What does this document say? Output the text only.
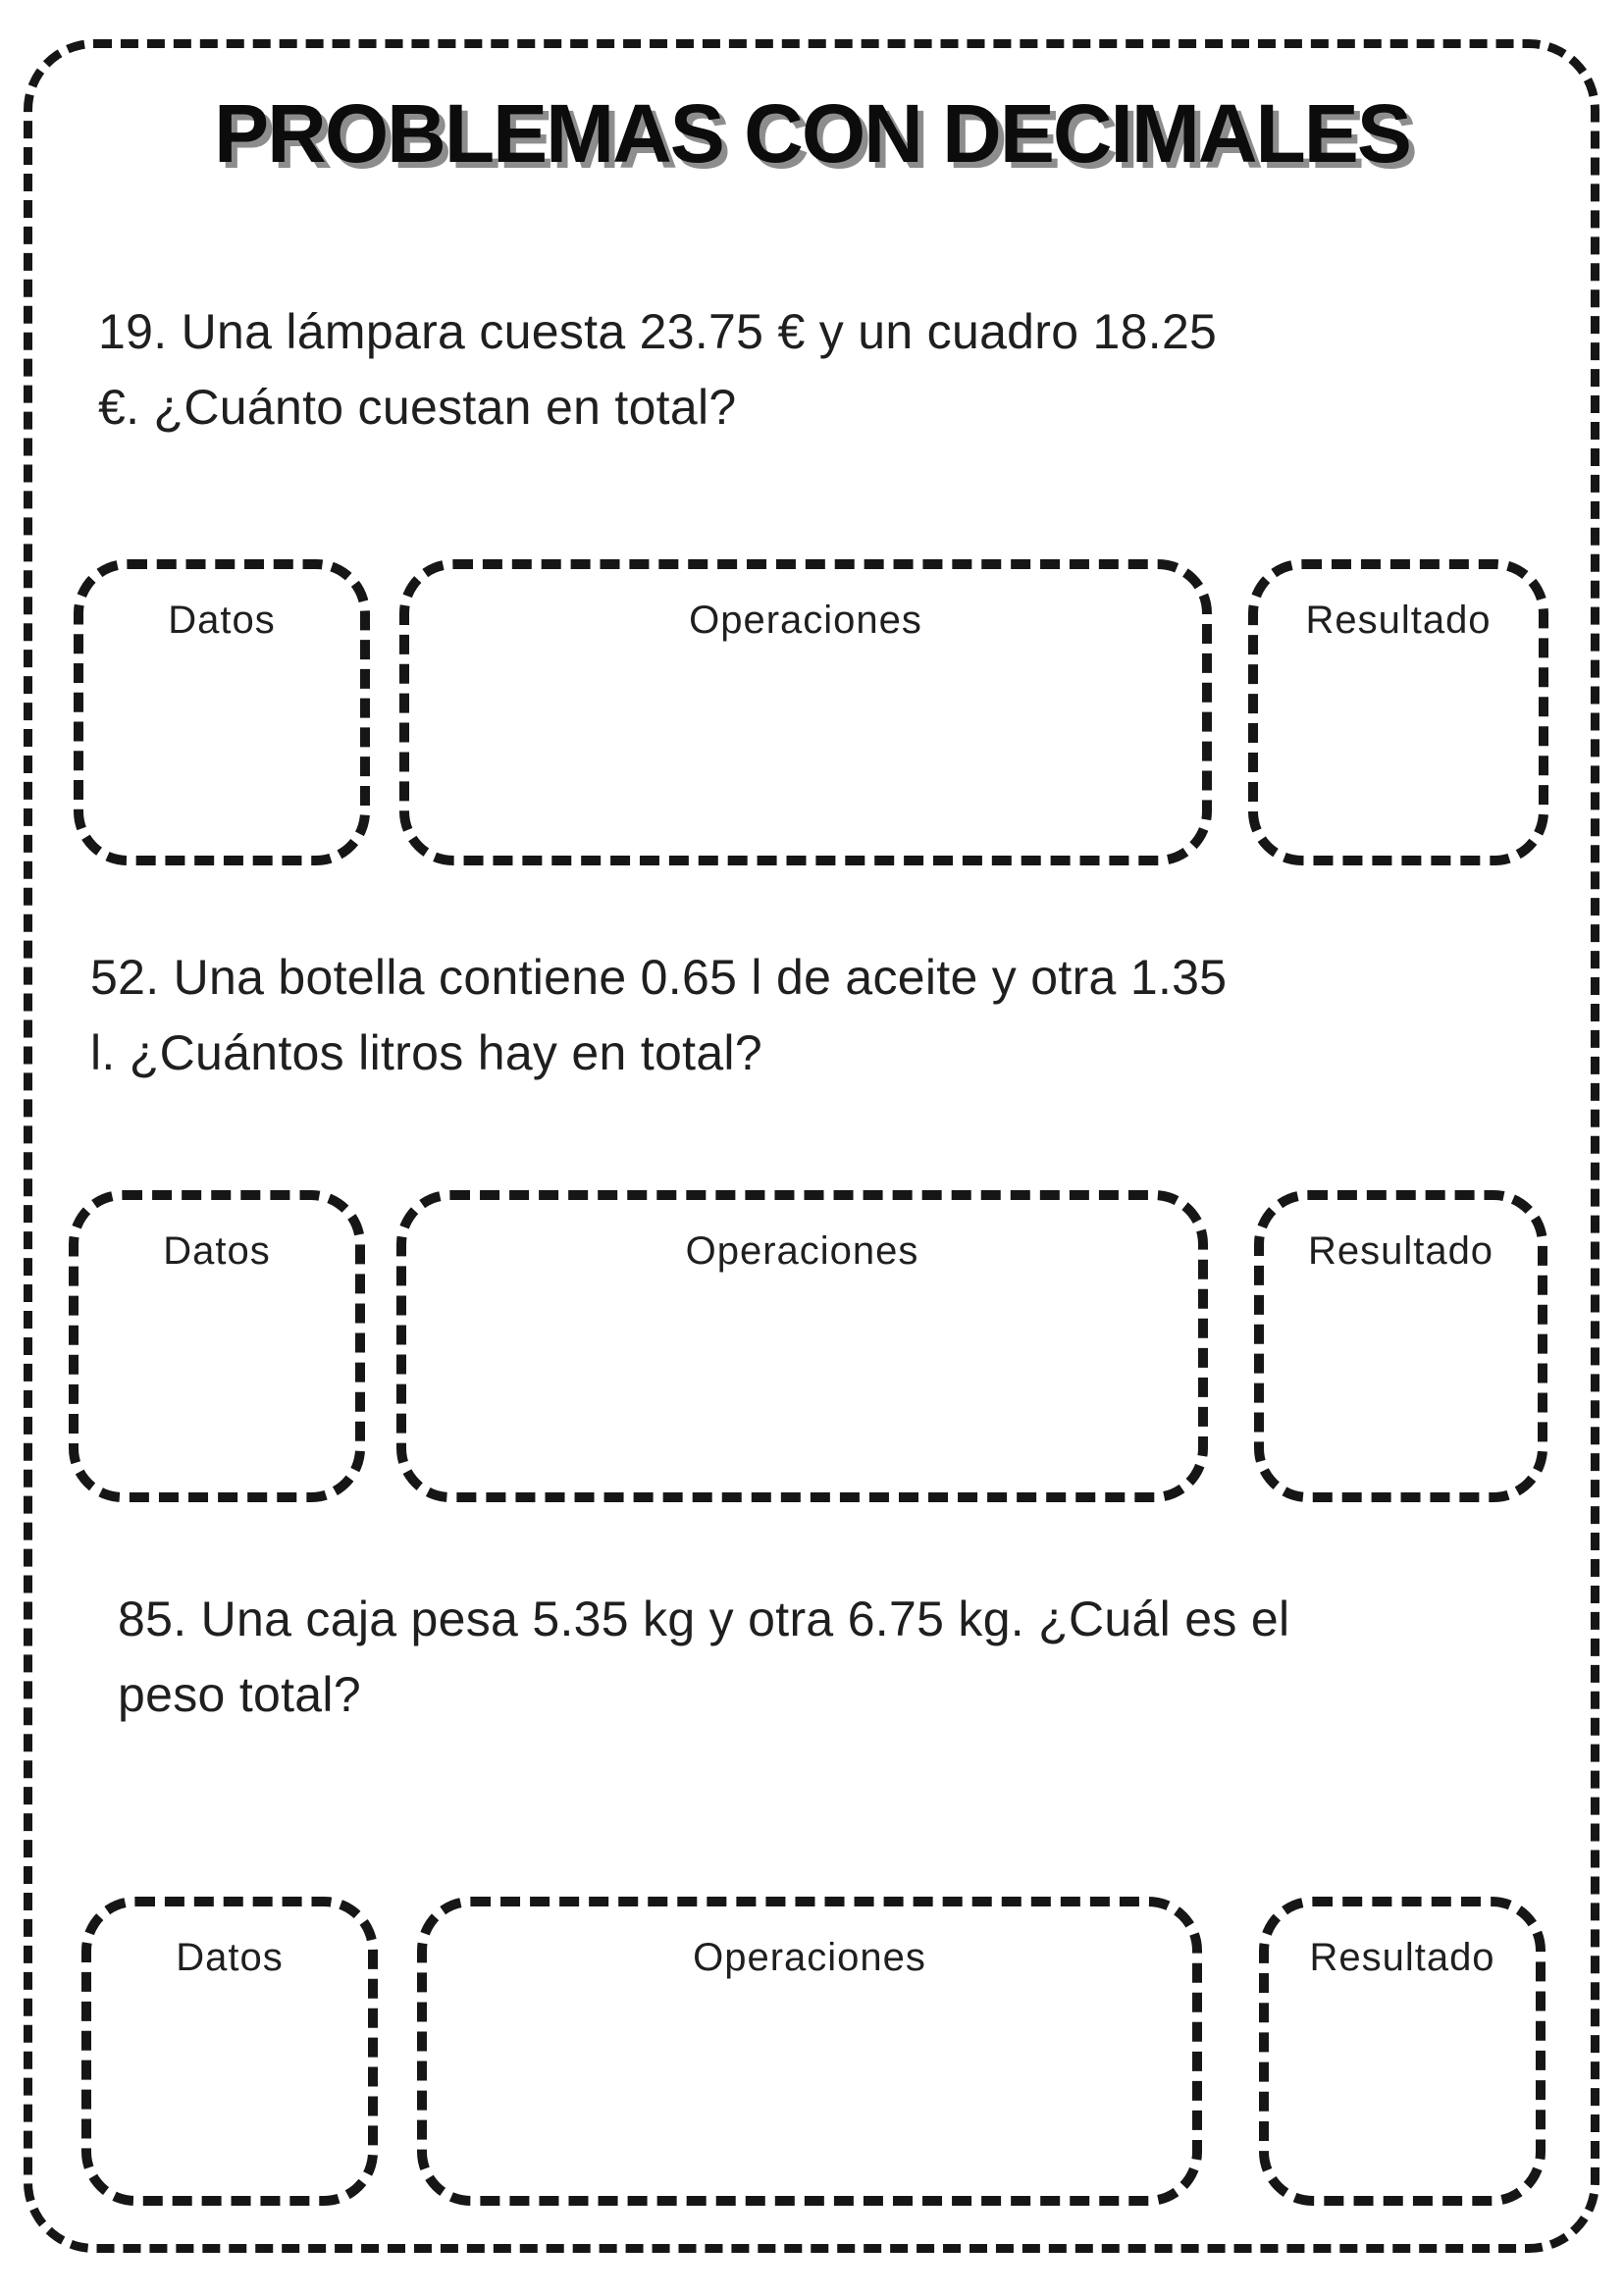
PROBLEMAS CON DECIMALES

19. Una lámpara cuesta 23.75 € y un cuadro 18.25
€. ¿Cuánto cuestan en total?

Datos	Operaciones	Resultado

52. Una botella contiene 0.65 l de aceite y otra 1.35
l. ¿Cuántos litros hay en total?

Datos	Operaciones	Resultado

85. Una caja pesa 5.35 kg y otra 6.75 kg. ¿Cuál es el
peso total?

Datos	Operaciones	Resultado
